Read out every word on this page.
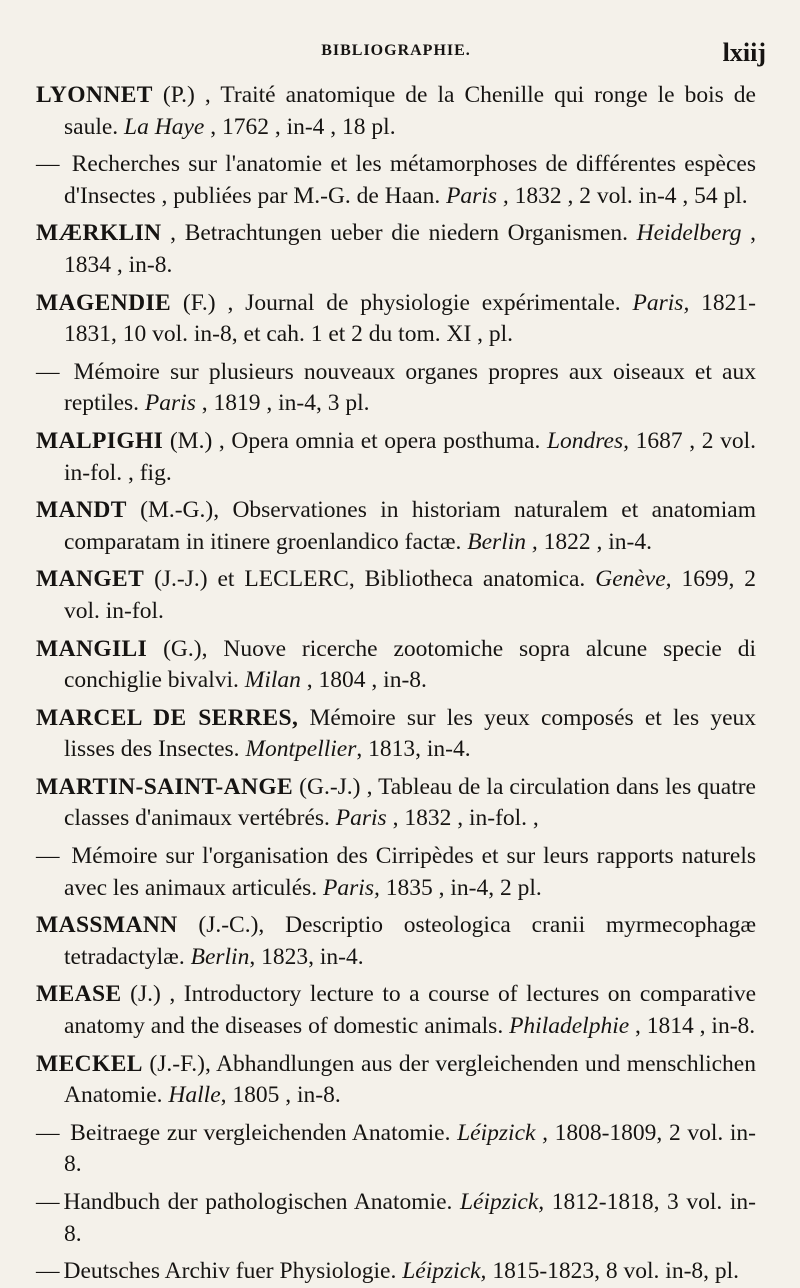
BIBLIOGRAPHIE.	lxiij

LYONNET (P.) , Traité anatomique de la Chenille qui ronge le bois de saule. La Haye , 1762 , in-4 , 18 pl.

— Recherches sur l'anatomie et les métamorphoses de différentes espèces d'Insectes , publiées par M.-G. de Haan. Paris , 1832 , 2 vol. in-4 , 54 pl.

MÆRKLIN , Betrachtungen ueber die niedern Organismen. Heidelberg , 1834 , in-8.

MAGENDIE (F.) , Journal de physiologie expérimentale. Paris, 1821-1831, 10 vol. in-8, et cah. 1 et 2 du tom. XI , pl.

— Mémoire sur plusieurs nouveaux organes propres aux oiseaux et aux reptiles. Paris , 1819 , in-4, 3 pl.

MALPIGHI (M.) , Opera omnia et opera posthuma. Londres, 1687 , 2 vol. in-fol. , fig.

MANDT (M.-G.), Observationes in historiam naturalem et anatomiam comparatam in itinere groenlandico factæ. Berlin , 1822 , in-4.

MANGET (J.-J.) et LECLERC, Bibliotheca anatomica. Genève, 1699, 2 vol. in-fol.

MANGILI (G.), Nuove ricerche zootomiche sopra alcune specie di conchiglie bivalvi. Milan , 1804 , in-8.

MARCEL DE SERRES, Mémoire sur les yeux composés et les yeux lisses des Insectes. Montpellier, 1813, in-4.

MARTIN-SAINT-ANGE (G.-J.) , Tableau de la circulation dans les quatre classes d'animaux vertébrés. Paris , 1832 , in-fol. ,

— Mémoire sur l'organisation des Cirripèdes et sur leurs rapports naturels avec les animaux articulés. Paris, 1835 , in-4, 2 pl.

MASSMANN (J.-C.), Descriptio osteologica cranii myrmecophagæ tetradactylæ. Berlin, 1823, in-4.

MEASE (J.) , Introductory lecture to a course of lectures on comparative anatomy and the diseases of domestic animals. Philadelphie , 1814 , in-8.

MECKEL (J.-F.), Abhandlungen aus der vergleichenden und menschlichen Anatomie. Halle, 1805 , in-8.

— Beitraege zur vergleichenden Anatomie. Léipzick , 1808-1809, 2 vol. in-8.

— Handbuch der pathologischen Anatomie. Léipzick, 1812-1818, 3 vol. in-8.

— Deutsches Archiv fuer Physiologie. Léipzick, 1815-1823, 8 vol. in-8, pl.
